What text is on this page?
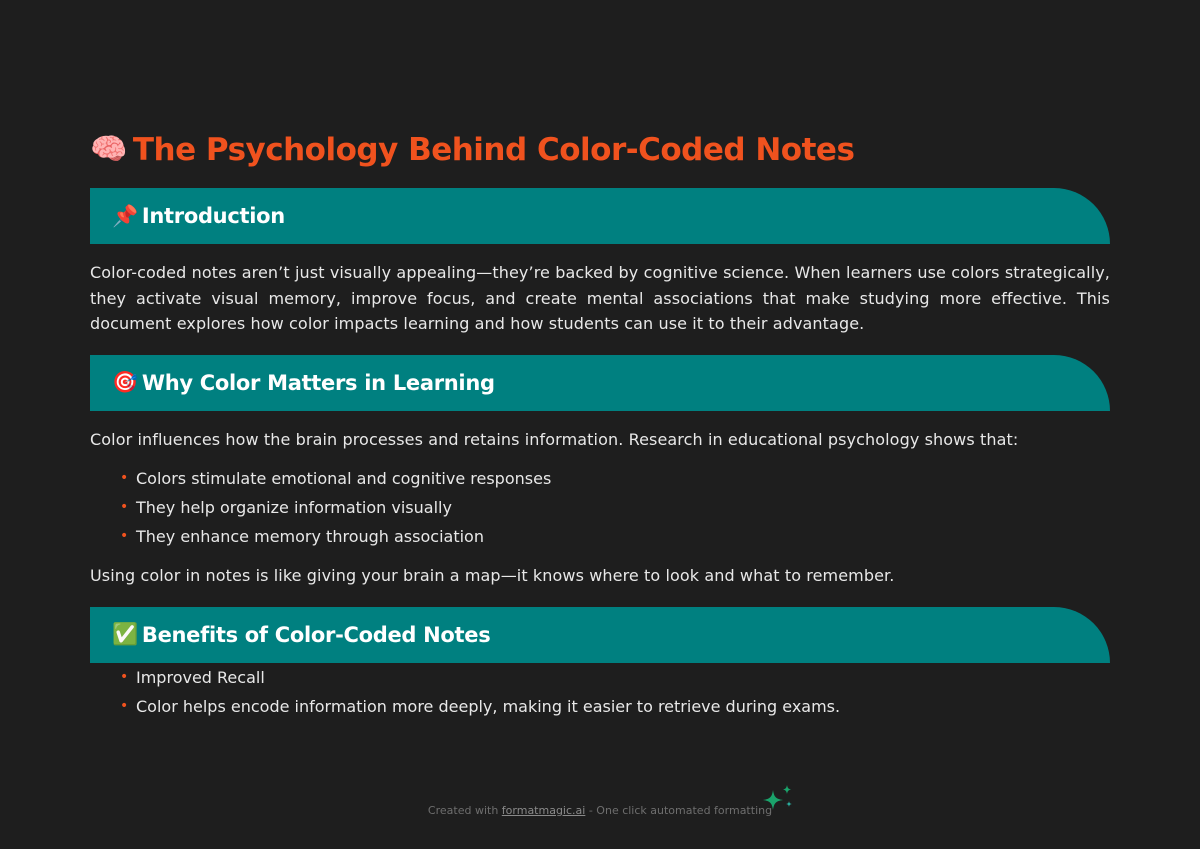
🧠 The Psychology Behind Color-Coded Notes
📌 Introduction

Color-coded notes aren’t just visually appealing—they’re backed by cognitive science. When learners use colors strategically, they activate visual memory, improve focus, and create mental associations that make studying more effective. This document explores how color impacts learning and how students can use it to their advantage.

🎯 Why Color Matters in Learning

Color influences how the brain processes and retains information. Research in educational psychology shows that:

• Colors stimulate emotional and cognitive responses
• They help organize information visually
• They enhance memory through association

Using color in notes is like giving your brain a map—it knows where to look and what to remember.

✅ Benefits of Color-Coded Notes
• Improved Recall
• Color helps encode information more deeply, making it easier to retrieve during exams.
Created with formatmagic.ai - One click automated formatting
